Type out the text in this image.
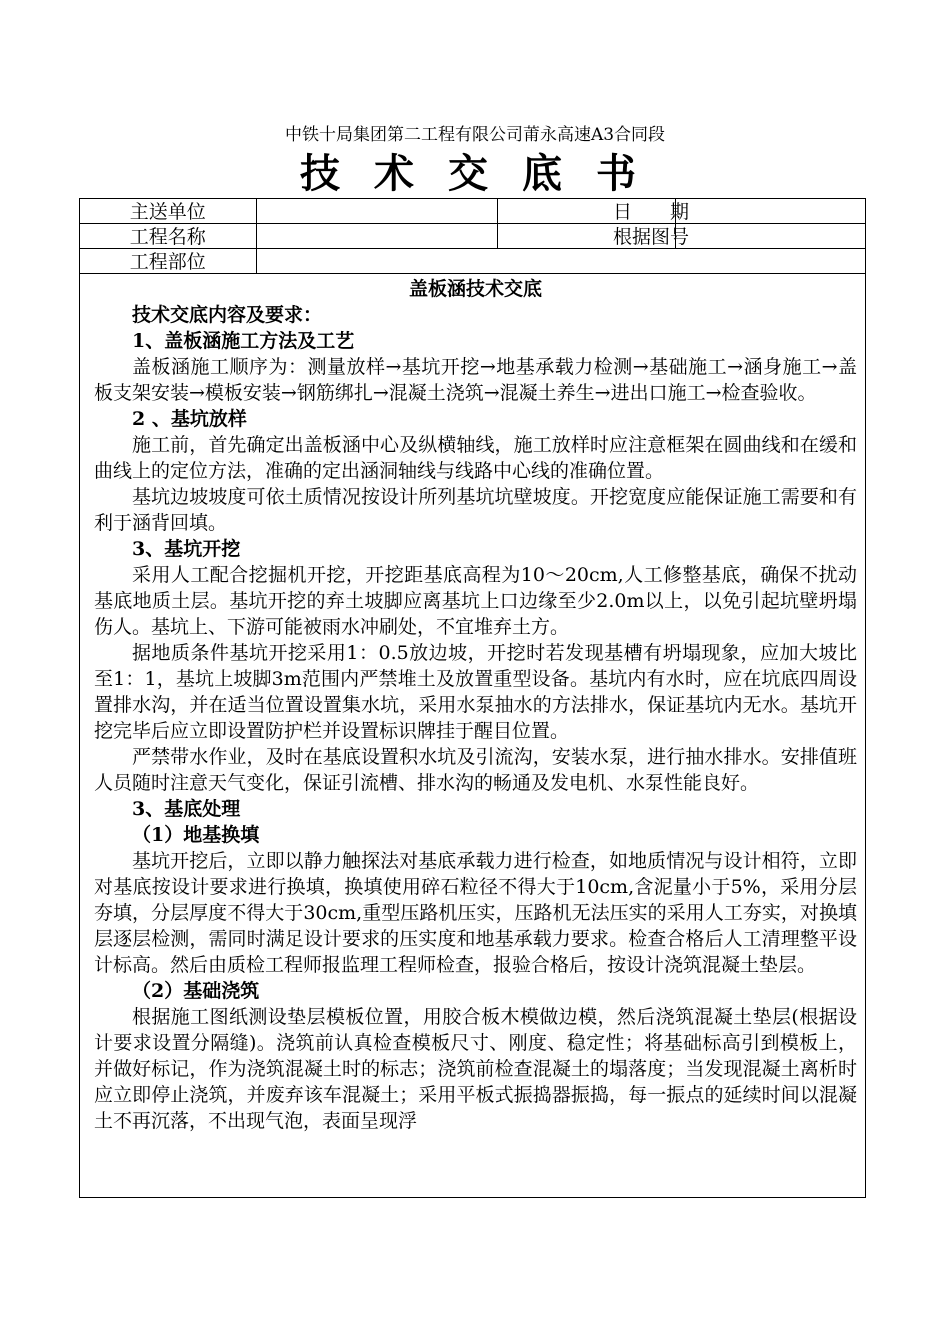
中铁十局集团第二工程有限公司莆永高速A3合同段
技术交底书
主送单位			日　　期	
工程名称			根据图号	
工程部位				
盖板涵技术交底
技术交底内容及要求：
1、盖板涵施工方法及工艺
盖板涵施工顺序为：测量放样→基坑开挖→地基承载力检测→基础施工→涵身施工→盖板支架安装→模板安装→钢筋绑扎→混凝土浇筑→混凝土养生→进出口施工→检查验收。
2 、基坑放样
施工前，首先确定出盖板涵中心及纵横轴线，施工放样时应注意框架在圆曲线和在缓和曲线上的定位方法，准确的定出涵洞轴线与线路中心线的准确位置。
基坑边坡坡度可依土质情况按设计所列基坑坑壁坡度。开挖宽度应能保证施工需要和有利于涵背回填。
3、基坑开挖
采用人工配合挖掘机开挖，开挖距基底高程为10～20cm,人工修整基底，确保不扰动基底地质土层。基坑开挖的弃土坡脚应离基坑上口边缘至少2.0m以上，以免引起坑壁坍塌伤人。基坑上、下游可能被雨水冲刷处，不宜堆弃土方。
据地质条件基坑开挖采用1：0.5放边坡，开挖时若发现基槽有坍塌现象，应加大坡比至1：1，基坑上坡脚3m范围内严禁堆土及放置重型设备。基坑内有水时，应在坑底四周设置排水沟，并在适当位置设置集水坑，采用水泵抽水的方法排水，保证基坑内无水。基坑开挖完毕后应立即设置防护栏并设置标识牌挂于醒目位置。
严禁带水作业，及时在基底设置积水坑及引流沟，安装水泵，进行抽水排水。安排值班人员随时注意天气变化，保证引流槽、排水沟的畅通及发电机、水泵性能良好。
3、基底处理
（1）地基换填
基坑开挖后，立即以静力触探法对基底承载力进行检查，如地质情况与设计相符，立即对基底按设计要求进行换填，换填使用碎石粒径不得大于10cm,含泥量小于5%，采用分层夯填，分层厚度不得大于30cm,重型压路机压实，压路机无法压实的采用人工夯实，对换填层逐层检测，需同时满足设计要求的压实度和地基承载力要求。检查合格后人工清理整平设计标高。然后由质检工程师报监理工程师检查，报验合格后，按设计浇筑混凝土垫层。
（2）基础浇筑
根据施工图纸测设垫层模板位置，用胶合板木模做边模，然后浇筑混凝土垫层(根据设计要求设置分隔缝)。浇筑前认真检查模板尺寸、刚度、稳定性；将基础标高引到模板上，并做好标记，作为浇筑混凝土时的标志；浇筑前检查混凝土的塌落度；当发现混凝土离析时应立即停止浇筑，并废弃该车混凝土；采用平板式振捣器振捣，每一振点的延续时间以混凝土不再沉落，不出现气泡，表面呈现浮
